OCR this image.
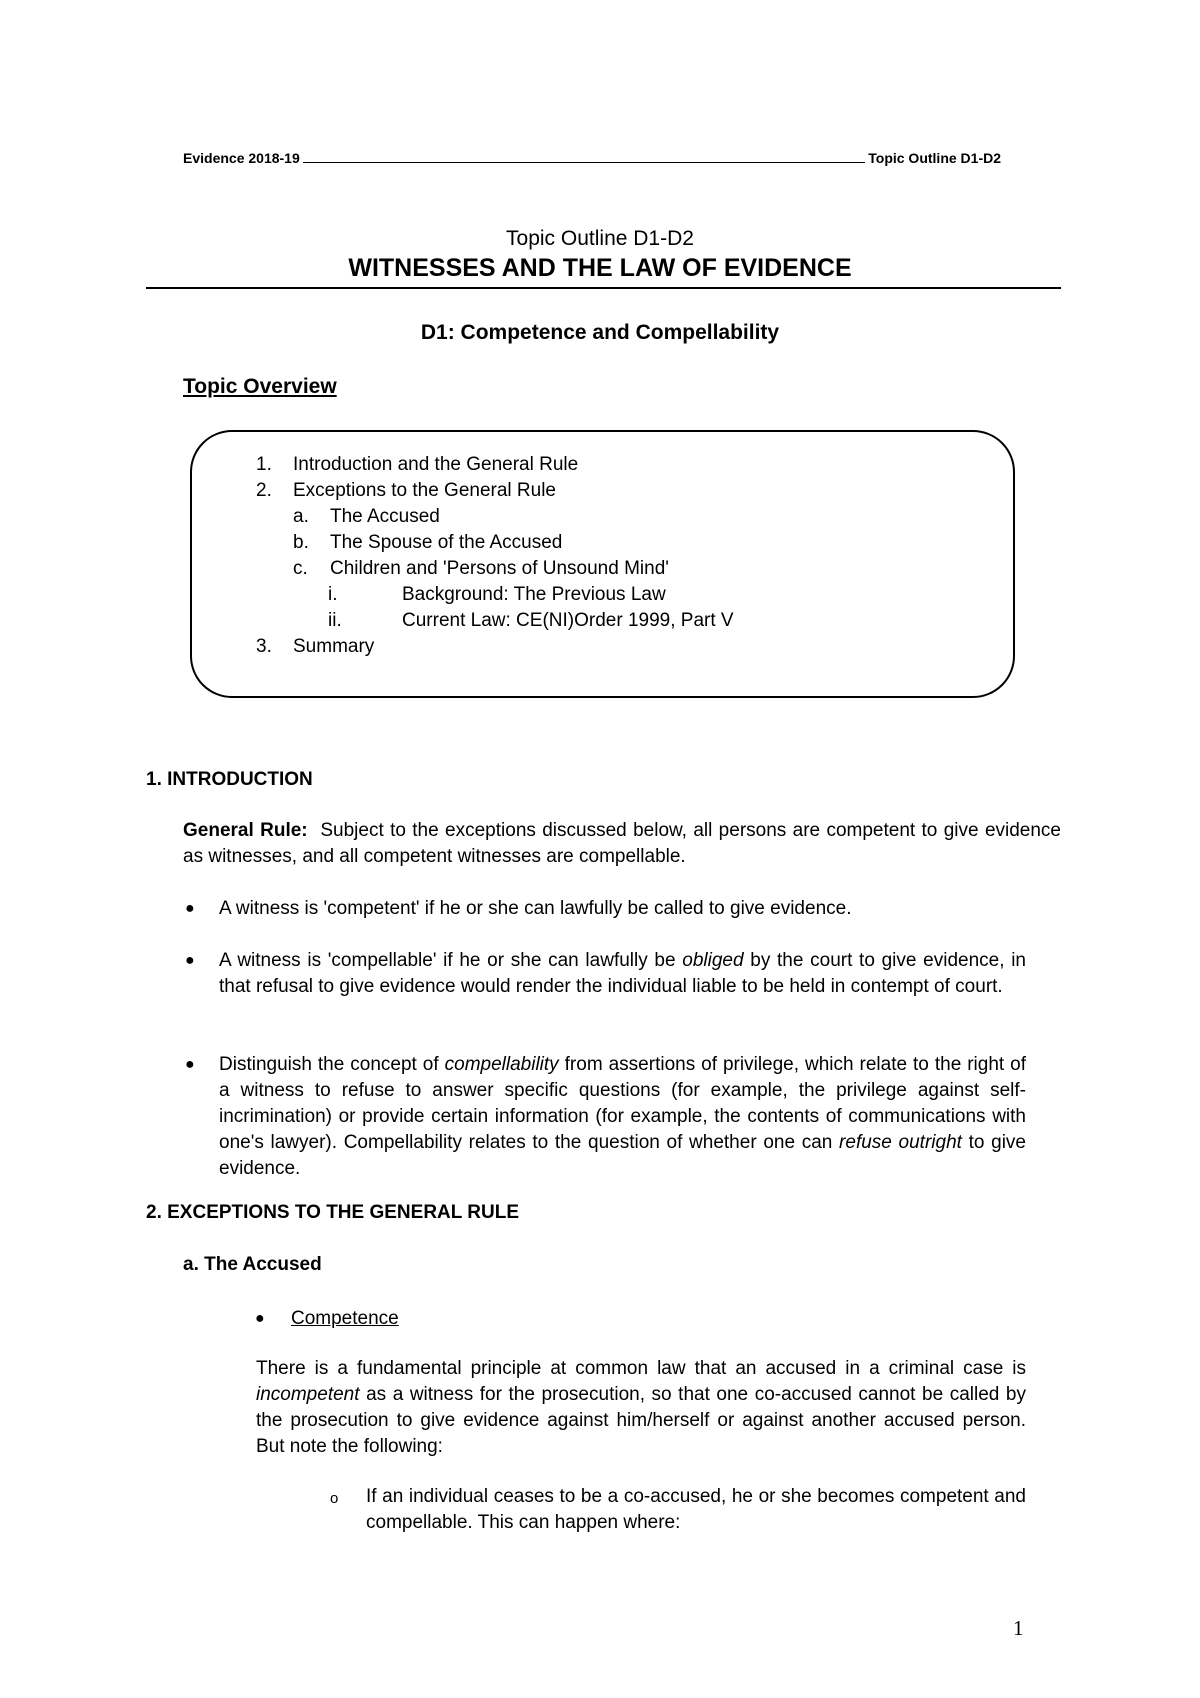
Evidence 2018-19	Topic Outline D1-D2
Topic Outline D1-D2
WITNESSES AND THE LAW OF EVIDENCE
D1: Competence and Compellability
Topic Overview
1. Introduction and the General Rule
2. Exceptions to the General Rule
a. The Accused
b. The Spouse of the Accused
c. Children and 'Persons of Unsound Mind'
i.	Background: The Previous Law
ii.	Current Law: CE(NI)Order 1999, Part V
3. Summary
1. INTRODUCTION
General Rule: Subject to the exceptions discussed below, all persons are competent to give evidence as witnesses, and all competent witnesses are compellable.
● A witness is 'competent' if he or she can lawfully be called to give evidence.
● A witness is 'compellable' if he or she can lawfully be obliged by the court to give evidence, in that refusal to give evidence would render the individual liable to be held in contempt of court.
● Distinguish the concept of compellability from assertions of privilege, which relate to the right of a witness to refuse to answer specific questions (for example, the privilege against self-incrimination) or provide certain information (for example, the contents of communications with one's lawyer). Compellability relates to the question of whether one can refuse outright to give evidence.
2. EXCEPTIONS TO THE GENERAL RULE
a. The Accused
● Competence
There is a fundamental principle at common law that an accused in a criminal case is incompetent as a witness for the prosecution, so that one co-accused cannot be called by the prosecution to give evidence against him/herself or against another accused person. But note the following:
o If an individual ceases to be a co-accused, he or she becomes competent and compellable. This can happen where:
1
